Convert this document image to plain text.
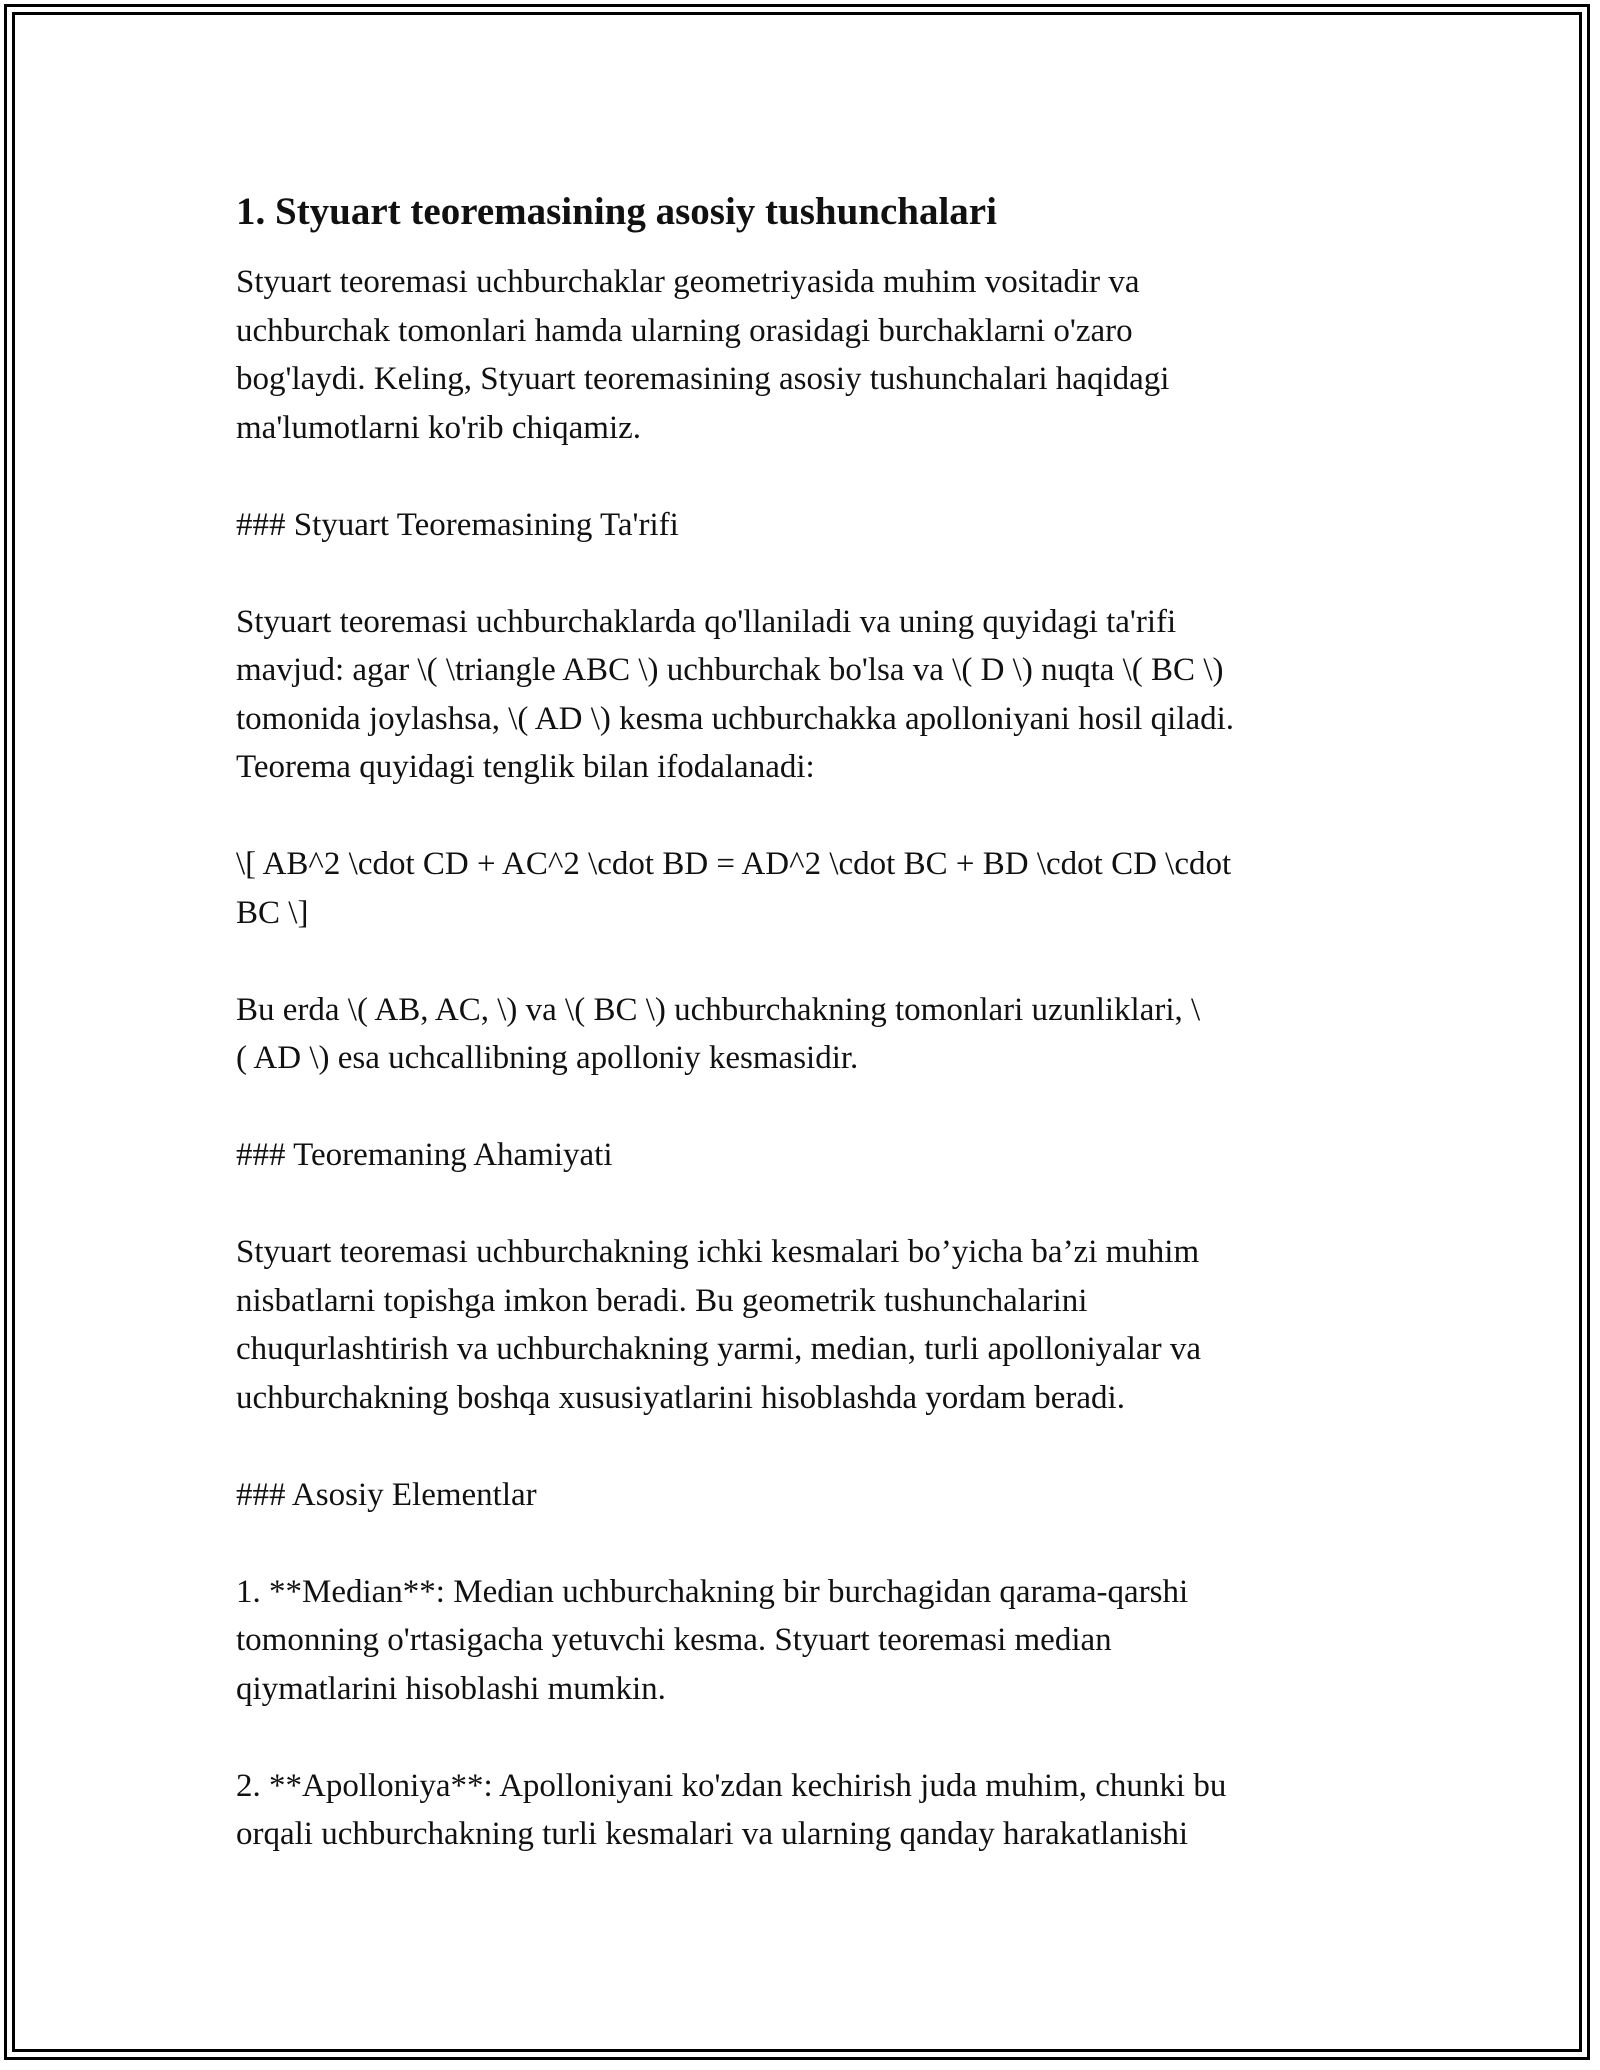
1. Styuart teoremasining asosiy tushunchalari

Styuart teoremasi uchburchaklar geometriyasida muhim vositadir va
uchburchak tomonlari hamda ularning orasidagi burchaklarni o'zaro
bog'laydi. Keling, Styuart teoremasining asosiy tushunchalari haqidagi
ma'lumotlarni ko'rib chiqamiz.

### Styuart Teoremasining Ta'rifi

Styuart teoremasi uchburchaklarda qo'llaniladi va uning quyidagi ta'rifi
mavjud: agar \( \triangle ABC \) uchburchak bo'lsa va \( D \) nuqta \( BC \)
tomonida joylashsa, \( AD \) kesma uchburchakka apolloniyani hosil qiladi.
Teorema quyidagi tenglik bilan ifodalanadi:

\[ AB^2 \cdot CD + AC^2 \cdot BD = AD^2 \cdot BC + BD \cdot CD \cdot
BC \]

Bu erda \( AB, AC, \) va \( BC \) uchburchakning tomonlari uzunliklari, \
( AD \) esa uchcallibning apolloniy kesmasidir.

### Teoremaning Ahamiyati

Styuart teoremasi uchburchakning ichki kesmalari bo’yicha ba’zi muhim
nisbatlarni topishga imkon beradi. Bu geometrik tushunchalarini
chuqurlashtirish va uchburchakning yarmi, median, turli apolloniyalar va
uchburchakning boshqa xususiyatlarini hisoblashda yordam beradi.

### Asosiy Elementlar

1. **Median**: Median uchburchakning bir burchagidan qarama-qarshi
tomonning o'rtasigacha yetuvchi kesma. Styuart teoremasi median
qiymatlarini hisoblashi mumkin.

2. **Apolloniya**: Apolloniyani ko'zdan kechirish juda muhim, chunki bu
orqali uchburchakning turli kesmalari va ularning qanday harakatlanishi
